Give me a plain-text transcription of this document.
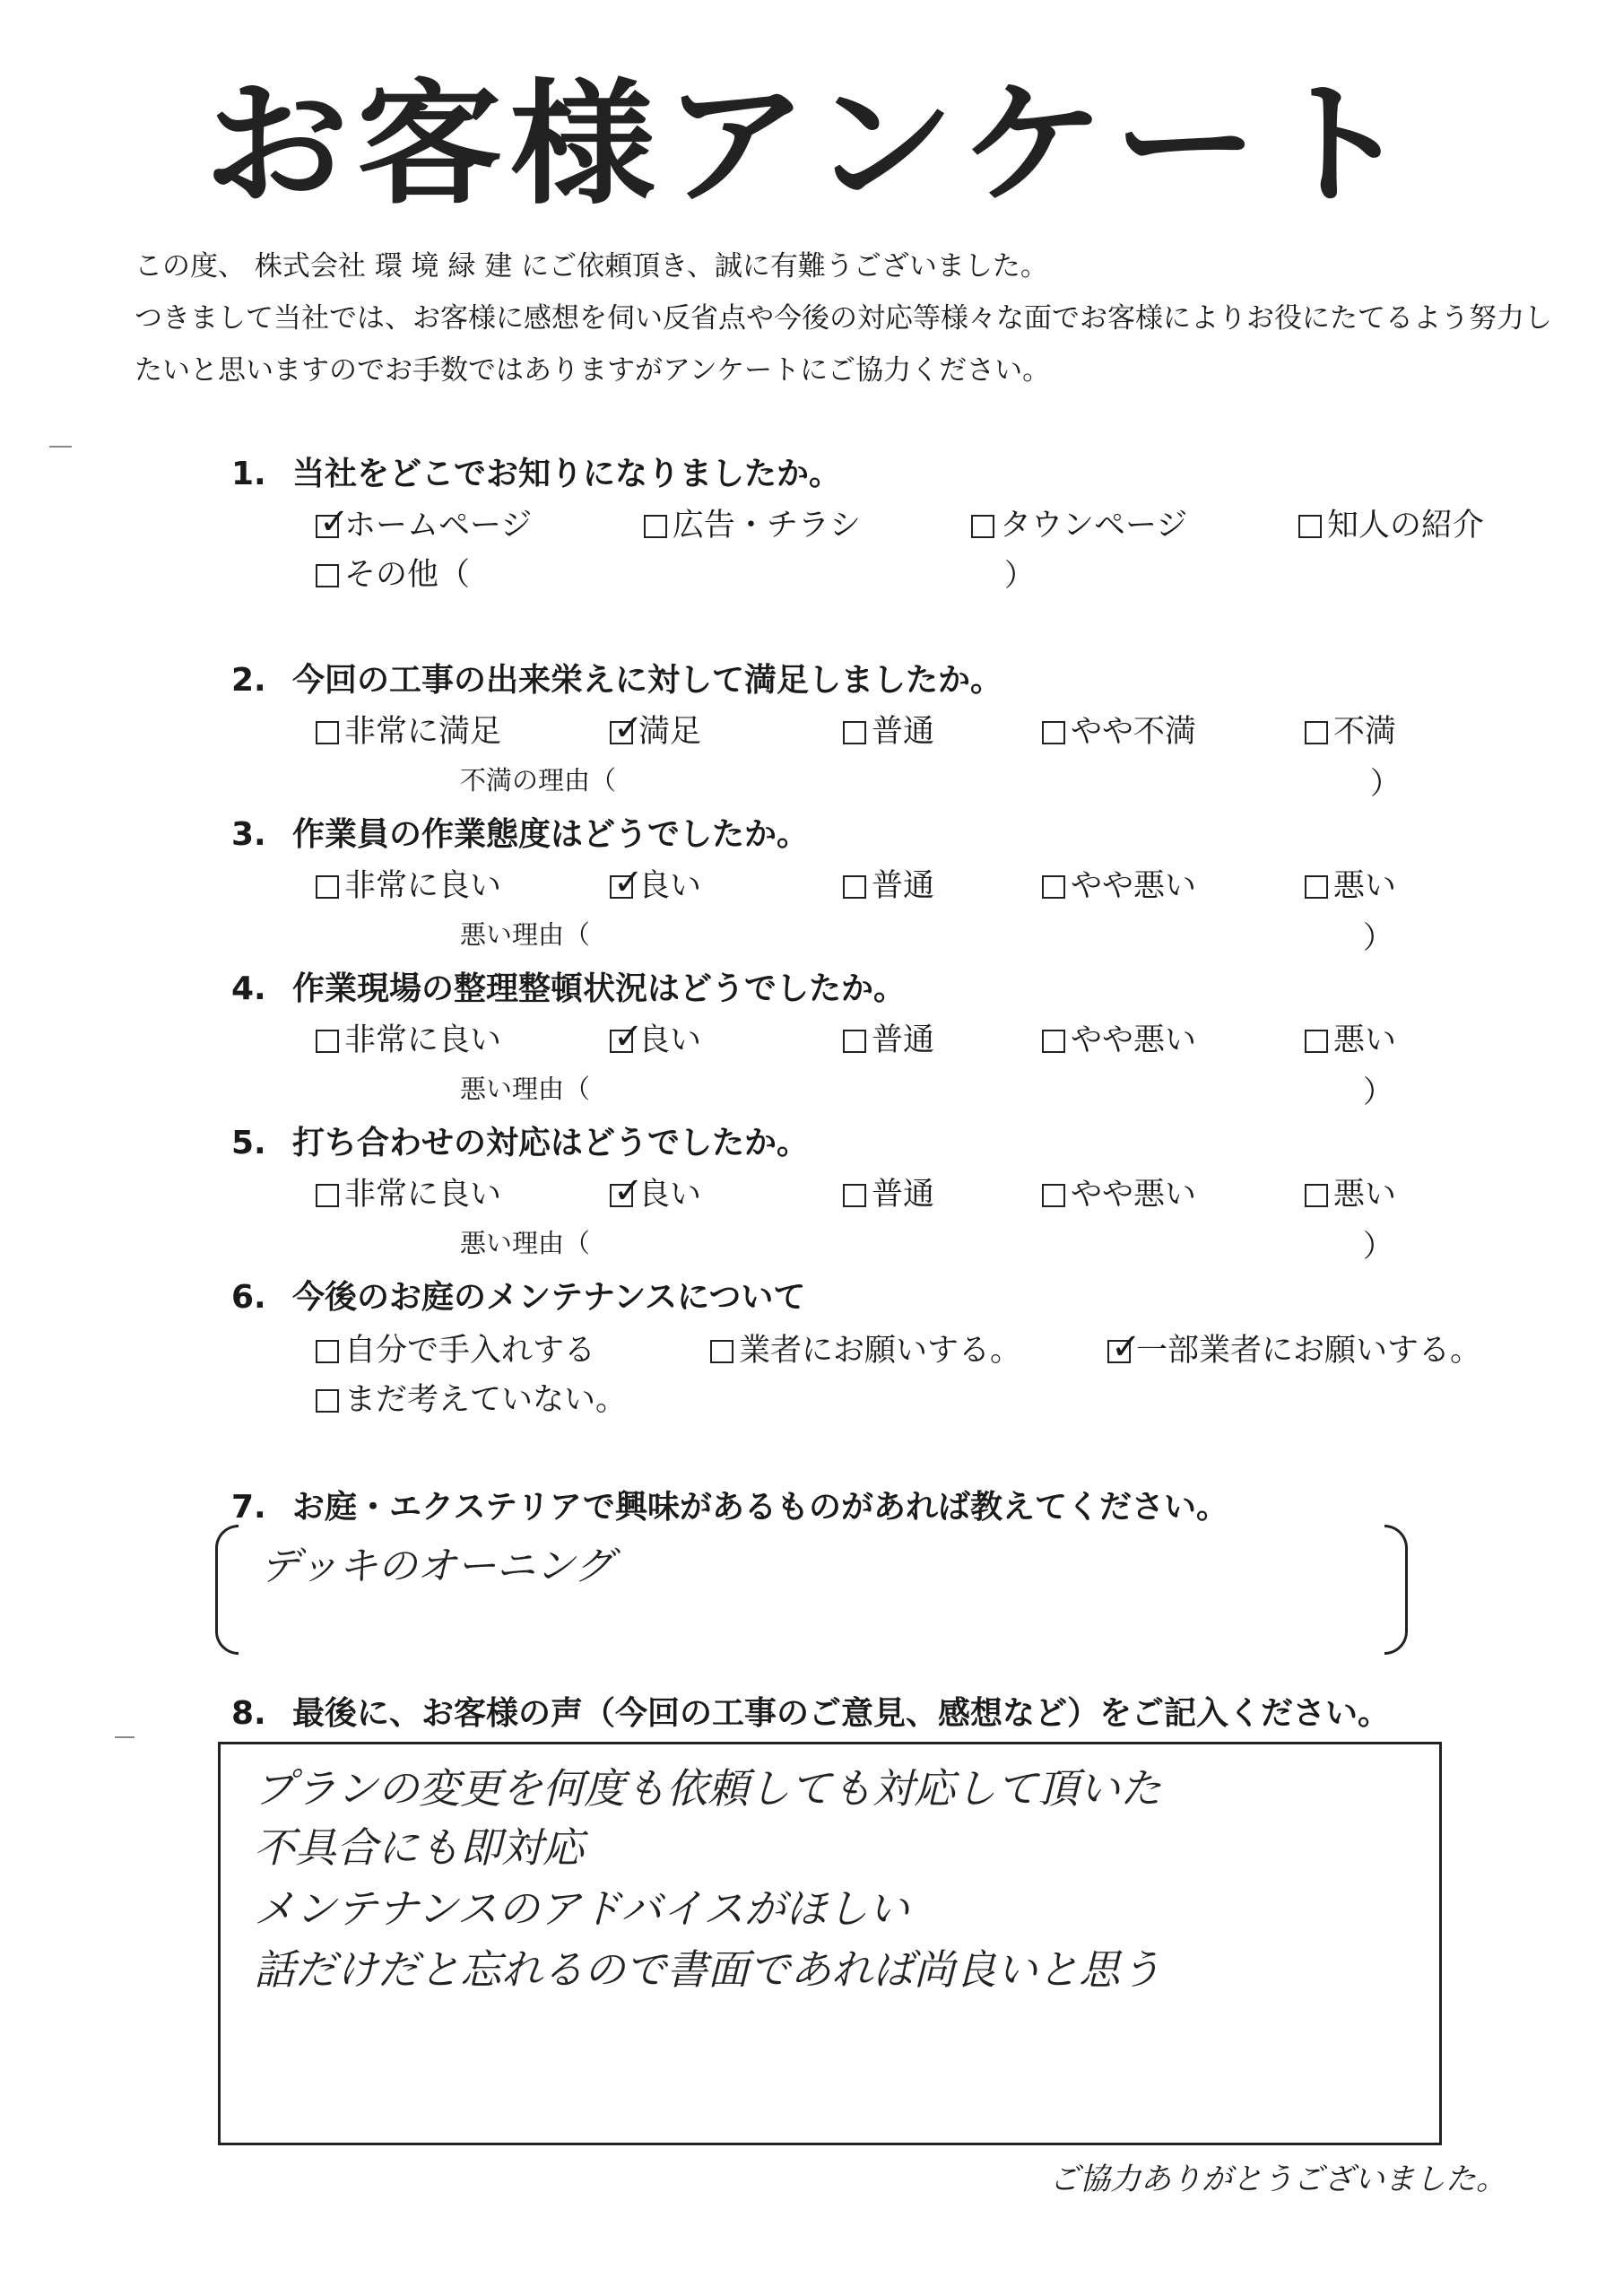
お客様アンケート

この度、 株式会社 環 境 緑 建 にご依頼頂き、誠に有難うございました。

つきまして当社では、お客様に感想を伺い反省点や今後の対応等様々な面でお客様によりお役にたてるよう努力し

たいと思いますのでお手数ではありますがアンケートにご協力ください。

1. 当社をどこでお知りになりましたか。
✓
ホームページ	広告・チラシ	タウンページ	知人の紹介
その他（	）
2. 今回の工事の出来栄えに対して満足しましたか。
非常に満足	✓
満足	普通	やや不満	不満
不満の理由（	）
3. 作業員の作業態度はどうでしたか。
非常に良い	✓
良い	普通	やや悪い	悪い
悪い理由（	）
4. 作業現場の整理整頓状況はどうでしたか。
非常に良い	✓
良い	普通	やや悪い	悪い
悪い理由（	）
5. 打ち合わせの対応はどうでしたか。
非常に良い	✓
良い	普通	やや悪い	悪い
悪い理由（	）
6. 今後のお庭のメンテナンスについて
自分で手入れする	業者にお願いする。 ✓
一部業者にお願いする。
まだ考えていない。
7. お庭・エクステリアで興味があるものがあれば教えてください。
デッキのオーニング
8. 最後に、お客様の声（今回の工事のご意見、感想など）をご記入ください。
プランの変更を何度も依頼しても対応して頂いた
不具合にも即対応
メンテナンスのアドバイスがほしい
話だけだと忘れるので書面であれば尚良いと思う
ご協力ありがとうございました。
